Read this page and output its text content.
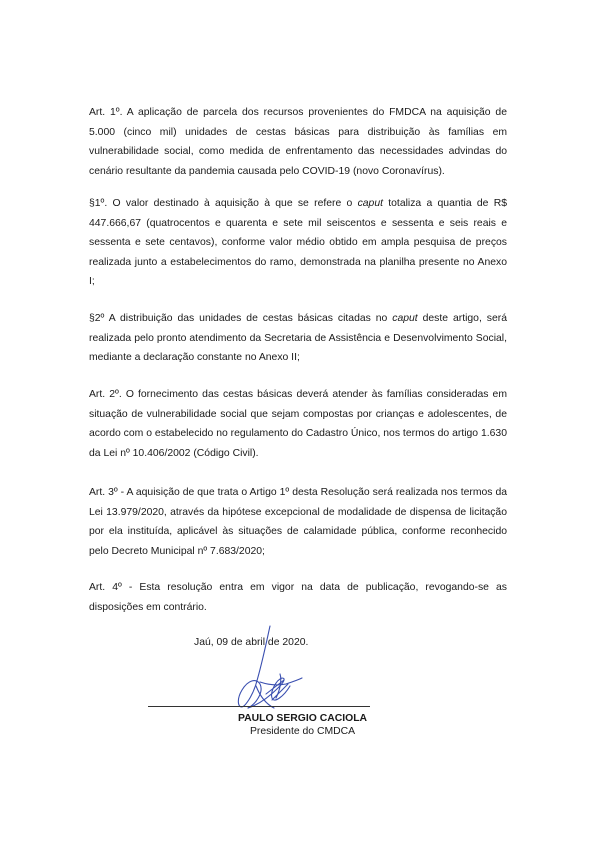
Art. 1º. A aplicação de parcela dos recursos provenientes do FMDCA na aquisição de 5.000 (cinco mil) unidades de cestas básicas para distribuição às famílias em vulnerabilidade social, como medida de enfrentamento das necessidades advindas do cenário resultante da pandemia causada pelo COVID-19 (novo Coronavírus).

§1º. O valor destinado à aquisição à que se refere o caput totaliza a quantia de R$ 447.666,67 (quatrocentos e quarenta e sete mil seiscentos e sessenta e seis reais e sessenta e sete centavos), conforme valor médio obtido em ampla pesquisa de preços realizada junto a estabelecimentos do ramo, demonstrada na planilha presente no Anexo I;

§2º A distribuição das unidades de cestas básicas citadas no caput deste artigo, será realizada pelo pronto atendimento da Secretaria de Assistência e Desenvolvimento Social, mediante a declaração constante no Anexo II;

Art. 2º. O fornecimento das cestas básicas deverá atender às famílias consideradas em situação de vulnerabilidade social que sejam compostas por crianças e adolescentes, de acordo com o estabelecido no regulamento do Cadastro Único, nos termos do artigo 1.630 da Lei nº 10.406/2002 (Código Civil).

Art. 3º - A aquisição de que trata o Artigo 1º desta Resolução será realizada nos termos da Lei 13.979/2020, através da hipótese excepcional de modalidade de dispensa de licitação por ela instituída, aplicável às situações de calamidade pública, conforme reconhecido pelo Decreto Municipal nº 7.683/2020;

Art. 4º - Esta resolução entra em vigor na data de publicação, revogando-se as disposições em contrário.

Jaú, 09 de abril de 2020.
PAULO SERGIO CACIOLA
Presidente do CMDCA
